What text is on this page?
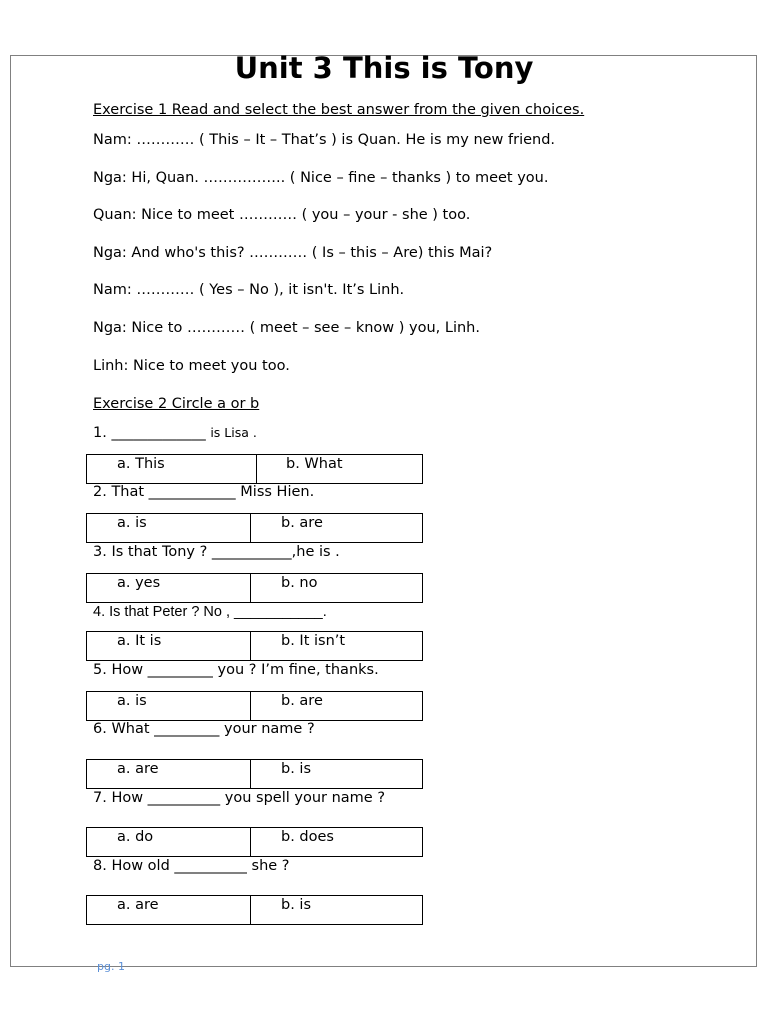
Unit 3 This is Tony
Exercise 1 Read and select the best answer from the given choices.
Nam: ………… ( This – It – That’s ) is Quan. He is my new friend.
Nga: Hi, Quan. …………….. ( Nice – fine – thanks ) to meet you.
Quan: Nice to meet ………… ( you – your - she ) too.
Nga: And who's this? ………… ( Is – this – Are) this Mai?
Nam: ………… ( Yes – No ), it isn't. It’s Linh.
Nga: Nice to ………… ( meet – see – know ) you, Linh.
Linh: Nice to meet you too.
Exercise 2 Circle a or b
1. _____________ is Lisa .
a. This	b. What
2. That ____________ Miss Hien.
a. is	b. are
3. Is that Tony ? ___________,he is .
a. yes	b. no
4. Is that Peter ? No , ___________.
a. It is	b. It isn’t
5. How _________ you ? I’m fine, thanks.
a. is	b. are
6. What _________ your name ?
a. are	b. is
7. How __________ you spell your name ?
a. do	b. does
8. How old __________ she ?
a. are	b. is
pg. 1
